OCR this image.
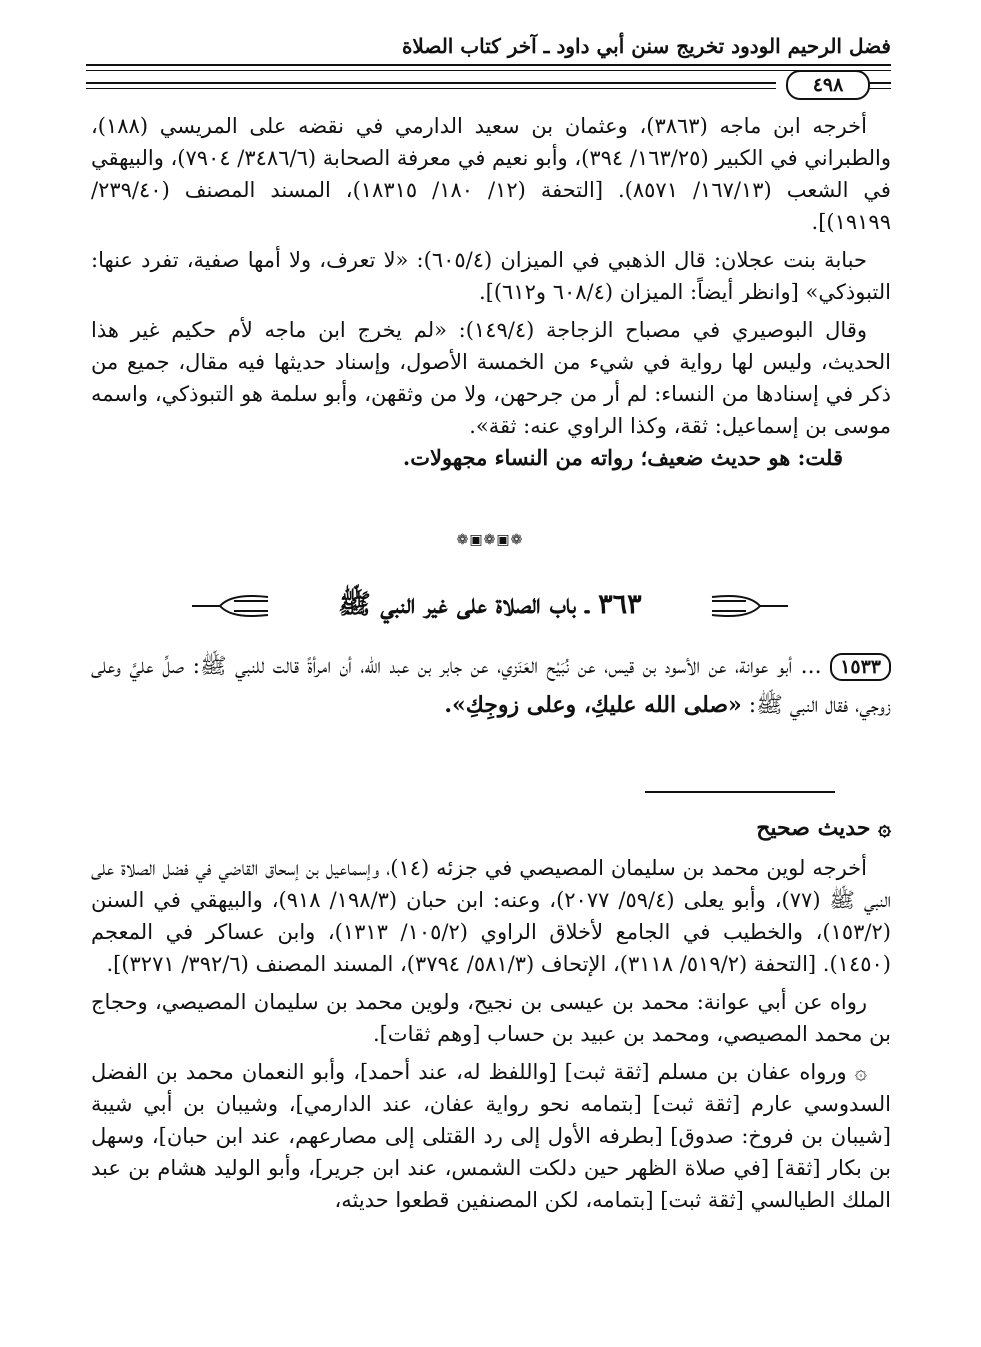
فضل الرحيم الودود تخريج سنن أبي داود ـ آخر كتاب الصلاة
٤٩٨

أخرجه ابن ماجه (٣٨٦٣)، وعثمان بن سعيد الدارمي في نقضه على المريسي (١٨٨)، والطبراني في الكبير (١٦٣/٢٥/ ٣٩٤)، وأبو نعيم في معرفة الصحابة (٣٤٨٦/٦/ ٧٩٠٤)، والبيهقي في الشعب (١٦٧/١٣/ ٨٥٧١). [التحفة (١٢/ ١٨٠/ ١٨٣١٥)، المسند المصنف (٢٣٩/٤٠/ ١٩١٩٩)].

حبابة بنت عجلان: قال الذهبي في الميزان (٦٠٥/٤): «لا تعرف، ولا أمها صفية، تفرد عنها: التبوذكي» [وانظر أيضاً: الميزان (٦٠٨/٤ و٦١٢)].

وقال البوصيري في مصباح الزجاجة (١٤٩/٤): «لم يخرج ابن ماجه لأم حكيم غير هذا الحديث، وليس لها رواية في شيء من الخمسة الأصول، وإسناد حديثها فيه مقال، جميع من ذكر في إسنادها من النساء: لم أر من جرحهن، ولا من وثقهن، وأبو سلمة هو التبوذكي، واسمه موسى بن إسماعيل: ثقة، وكذا الراوي عنه: ثقة».

قلت: هو حديث ضعيف؛ رواته من النساء مجهولات.

❁▣❁▣❁
٣٦٣ ـ باب الصلاة على غير النبي ﷺ

١٥٣٣ ... أبو عوانة، عن الأسود بن قيس، عن نُبَيْح العَنَزي، عن جابر بن عبد الله، أن امرأةً قالت للنبي ﷺ: صلِّ عليَّ وعلى زوجي، فقال النبي ﷺ: «صلى الله عليكِ، وعلى زوجِكِ».

۞ حديث صحيح

أخرجه لوين محمد بن سليمان المصيصي في جزئه (١٤)، وإسماعيل بن إسحاق القاضي في فضل الصلاة على النبي ﷺ (٧٧)، وأبو يعلى (٥٩/٤/ ٢٠٧٧)، وعنه: ابن حبان (١٩٨/٣/ ٩١٨)، والبيهقي في السنن (١٥٣/٢)، والخطيب في الجامع لأخلاق الراوي (١٠٥/٢/ ١٣١٣)، وابن عساكر في المعجم (١٤٥٠). [التحفة (٥١٩/٢/ ٣١١٨)، الإتحاف (٥٨١/٣/ ٣٧٩٤)، المسند المصنف (٣٩٢/٦/ ٣٢٧١)].

رواه عن أبي عوانة: محمد بن عيسى بن نجيح، ولوين محمد بن سليمان المصيصي، وحجاج بن محمد المصيصي، ومحمد بن عبيد بن حساب [وهم ثقات].

۞ ورواه عفان بن مسلم [ثقة ثبت] [واللفظ له، عند أحمد]، وأبو النعمان محمد بن الفضل السدوسي عارم [ثقة ثبت] [بتمامه نحو رواية عفان، عند الدارمي]، وشيبان بن أبي شيبة [شيبان بن فروخ: صدوق] [بطرفه الأول إلى رد القتلى إلى مصارعهم، عند ابن حبان]، وسهل بن بكار [ثقة] [في صلاة الظهر حين دلكت الشمس، عند ابن جرير]، وأبو الوليد هشام بن عبد الملك الطيالسي [ثقة ثبت] [بتمامه، لكن المصنفين قطعوا حديثه،
